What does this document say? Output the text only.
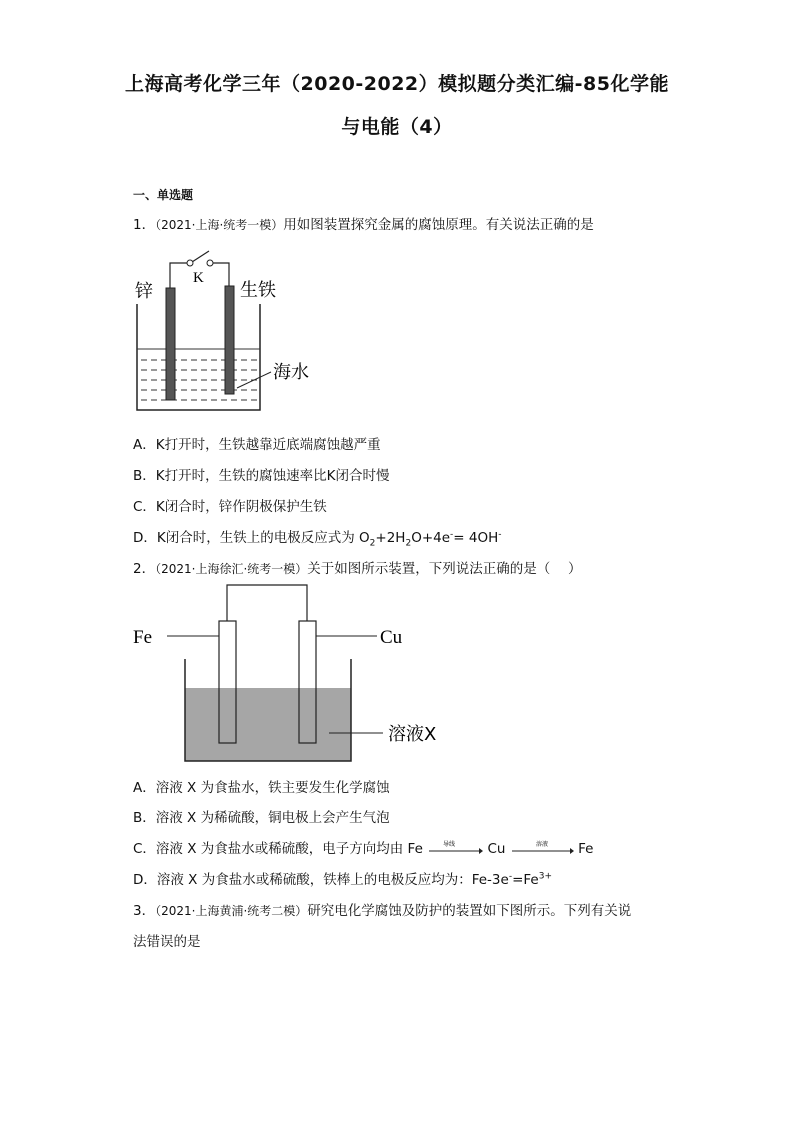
上海高考化学三年（2020-2022）模拟题分类汇编-85化学能
与电能（4）
一、单选题
1．（2021·上海·统考一模）用如图装置探究金属的腐蚀原理。有关说法正确的是
K
锌	生铁
海水
A．K打开时，生铁越靠近底端腐蚀越严重
B．K打开时，生铁的腐蚀速率比K闭合时慢
C．K闭合时，锌作阴极保护生铁
D．K闭合时，生铁上的电极反应式为 $O_2+2H_2O+4e^-= 4OH^-$
2．（2021·上海徐汇·统考一模）关于如图所示装置，下列说法正确的是（　 ）
Fe	Cu
溶液X
A．溶液 X 为食盐水，铁主要发生化学腐蚀
B．溶液 X 为稀硫酸，铜电极上会产生气泡
C．溶液 X 为食盐水或稀硫酸，电子方向均由 Fe	导线 Cu	溶液 Fe
D．溶液 X 为食盐水或稀硫酸，铁棒上的电极反应均为：$Fe-3e^-=Fe^{3+}$
3．（2021·上海黄浦·统考二模）研究电化学腐蚀及防护的装置如下图所示。下列有关说
法错误的是
